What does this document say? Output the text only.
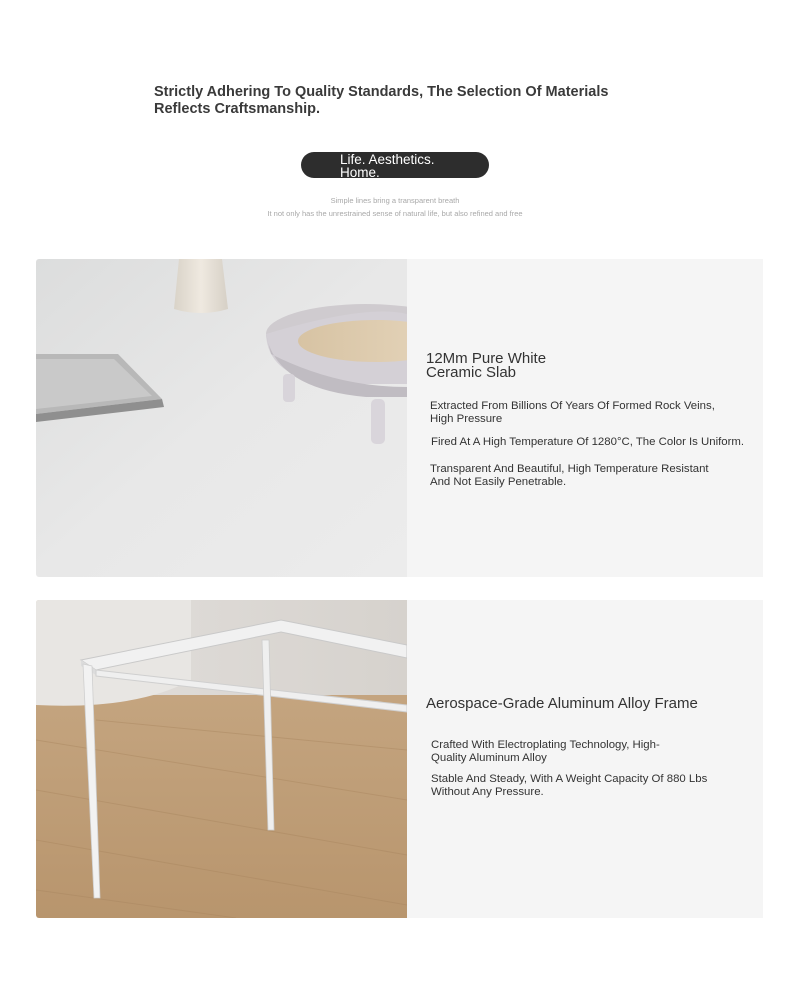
Strictly Adhering To Quality Standards, The Selection Of Materials Reflects Craftsmanship.
Life. Aesthetics. Home.
Simple lines bring a transparent breath
It not only has the unrestrained sense of natural life, but also refined and free
12Mm Pure White Ceramic Slab
Extracted From Billions Of Years Of Formed Rock Veins, High Pressure
Fired At A High Temperature Of 1280°C, The Color Is Uniform.
Transparent And Beautiful, High Temperature Resistant And Not Easily Penetrable.
Aerospace-Grade Aluminum Alloy Frame
Crafted With Electroplating Technology, High-Quality Aluminum Alloy
Stable And Steady, With A Weight Capacity Of 880 Lbs Without Any Pressure.
